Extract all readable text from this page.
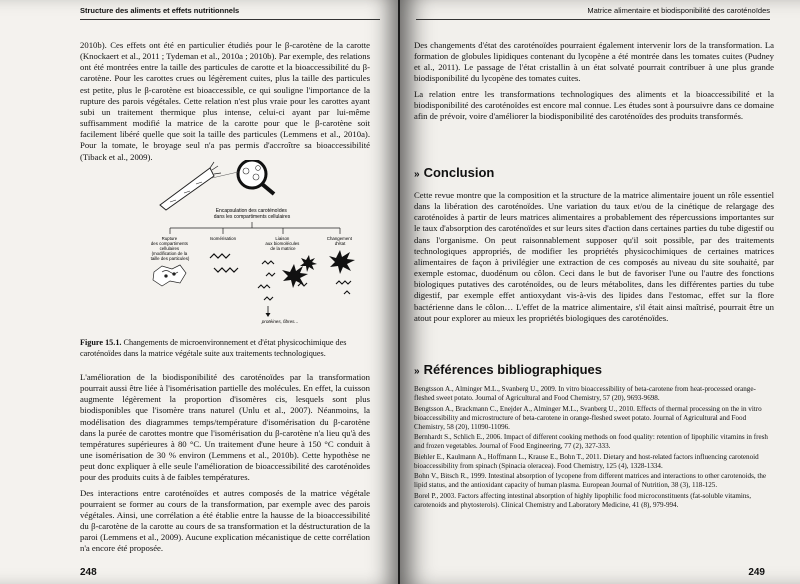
Structure des aliments et effets nutritionnels

2010b). Ces effets ont été en particulier étudiés pour le β-carotène de la carotte (Knockaert et al., 2011 ; Tydeman et al., 2010a ; 2010b). Par exemple, des relations ont été montrées entre la taille des particules de carotte et la bioaccessibilité du β-carotène. Pour les carottes crues ou légèrement cuites, plus la taille des particules est petite, plus le β-carotène est bioaccessible, ce qui souligne l'importance de la rupture des parois végétales. Cette relation n'est plus vraie pour les carottes ayant subi un traitement thermique plus intense, celui-ci ayant par lui-même suffisamment modifié la matrice de la carotte pour que le β-carotène soit facilement libéré quelle que soit la taille des particules (Lemmens et al., 2010a). Pour la tomate, le broyage seul n'a pas permis d'accroître sa bioaccessibilité (Tiback et al., 2009).

Encapsulation des caroténoïdes dans les compartiments cellulaires
Rupture des compartiments cellulaires (modification de la taille des particules)
Isomérisation	Liaison aux biomolécules de la matrice
Changement d'état
protéines, fibres...
Figure 15.1. Changements de microenvironnement et d'état physicochimique des caroténoïdes dans la matrice végétale suite aux traitements technologiques.

L'amélioration de la biodisponibilité des caroténoïdes par la transformation pourrait aussi être liée à l'isomérisation partielle des molécules. En effet, la cuisson augmente légèrement la proportion d'isomères cis, lesquels sont plus biodisponibles que l'isomère trans naturel (Unlu et al., 2007). Néanmoins, la modélisation des diagrammes temps/température d'isomérisation du β-carotène dans la purée de carottes montre que l'isomérisation du β-carotène n'a lieu qu'à des températures supérieures à 80 °C. Un traitement d'une heure à 150 °C conduit à une isomérisation de 30 % environ (Lemmens et al., 2010b). Cette hypothèse ne peut donc expliquer à elle seule l'amélioration de bioaccessibilité des caroténoïdes pour des produits cuits à de faibles températures.

Des interactions entre caroténoïdes et autres composés de la matrice végétale pourraient se former au cours de la transformation, par exemple avec des parois végétales. Ainsi, une corrélation a été établie entre la hausse de la bioaccessibilité du β-carotène de la carotte au cours de sa transformation et la déstructuration de la paroi (Lemmens et al., 2009). Aucune explication mécanistique de cette corrélation n'a encore été proposée.

248
Matrice alimentaire et biodisponibilité des caroténoïdes

Des changements d'état des caroténoïdes pourraient également intervenir lors de la transformation. La formation de globules lipidiques contenant du lycopène a été montrée dans les tomates cuites (Pudney et al., 2011). Le passage de l'état cristallin à un état solvaté pourrait contribuer à une plus grande biodisponibilité du lycopène des tomates cuites.

La relation entre les transformations technologiques des aliments et la bioaccessibilité et la biodisponibilité des caroténoïdes est encore mal connue. Les études sont à poursuivre dans ce domaine afin de prévoir, voire d'améliorer la biodisponibilité des caroténoïdes des produits transformés.

» Conclusion

Cette revue montre que la composition et la structure de la matrice alimentaire jouent un rôle essentiel dans la libération des caroténoïdes. Une variation du taux et/ou de la cinétique de relargage des caroténoïdes à partir de leurs matrices alimentaires a probablement des répercussions importantes sur le taux d'absorption des caroténoïdes et sur leurs sites d'action dans certaines parties du tube digestif ou dans l'organisme. On peut raisonnablement supposer qu'il soit possible, par des traitements technologiques appropriés, de modifier les propriétés physicochimiques de certaines matrices alimentaires de façon à privilégier une extraction de ces composés au niveau du site souhaité, par exemple estomac, duodénum ou côlon. Ceci dans le but de favoriser l'une ou l'autre des fonctions biologiques putatives des caroténoïdes, ou de leurs métabolites, dans les différentes parties du tube digestif, par exemple effet antioxydant vis-à-vis des lipides dans l'estomac, effet sur la flore bactérienne dans le côlon… L'effet de la matrice alimentaire, s'il était ainsi maîtrisé, pourrait être un atout pour explorer au mieux les propriétés biologiques des caroténoïdes.

» Références bibliographiques

Bengtsson A., Alminger M.L., Svanberg U., 2009. In vitro bioaccessibility of beta-carotene from heat-processed orange-fleshed sweet potato. Journal of Agricultural and Food Chemistry, 57 (20), 9693-9698.

Bengtsson A., Brackmann C., Enejder A., Alminger M.L., Svanberg U., 2010. Effects of thermal processing on the in vitro bioaccessibility and microstructure of beta-carotene in orange-fleshed sweet potato. Journal of Agricultural and Food Chemistry, 58 (20), 11090-11096.

Bernhardt S., Schlich E., 2006. Impact of different cooking methods on food quality: retention of lipophilic vitamins in fresh and frozen vegetables. Journal of Food Engineering, 77 (2), 327-333.

Biehler E., Kaulmann A., Hoffmann L., Krause E., Bohn T., 2011. Dietary and host-related factors influencing carotenoid bioaccessibility from spinach (Spinacia oleracea). Food Chemistry, 125 (4), 1328-1334.

Bohn V., Bitsch R., 1999. Intestinal absorption of lycopene from different matrices and interactions to other carotenoids, the lipid status, and the antioxidant capacity of human plasma. European Journal of Nutrition, 38 (3), 118-125.

Borel P., 2003. Factors affecting intestinal absorption of highly lipophilic food microconstituents (fat-soluble vitamins, carotenoids and phytosterols). Clinical Chemistry and Laboratory Medicine, 41 (8), 979-994.

249
